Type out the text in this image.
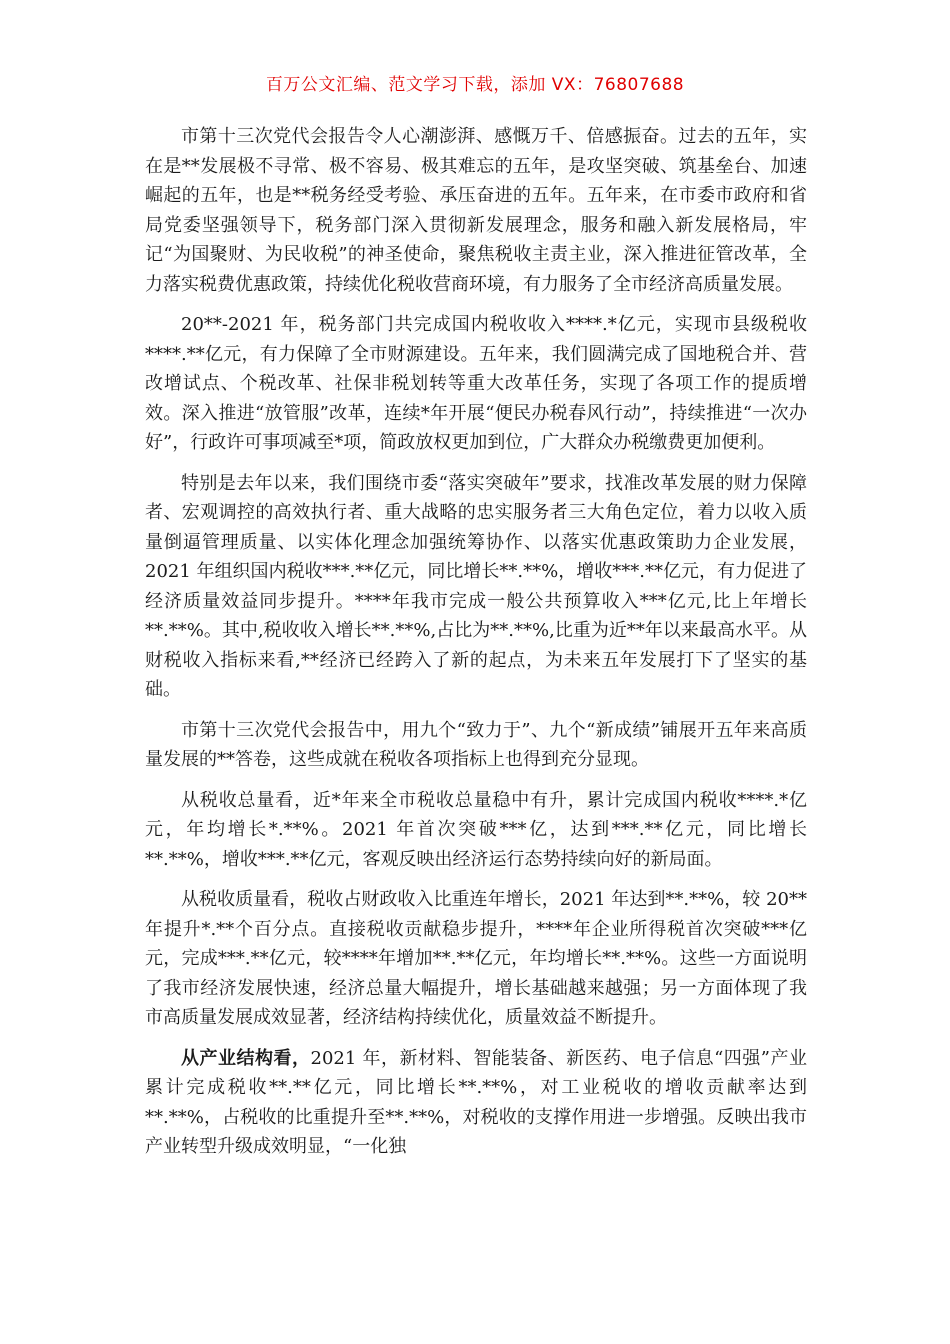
百万公文汇编、范文学习下载，添加 VX：76807688

市第十三次党代会报告令人心潮澎湃、感慨万千、倍感振奋。过去的五年，实在是**发展极不寻常、极不容易、极其难忘的五年，是攻坚突破、筑基垒台、加速崛起的五年，也是**税务经受考验、承压奋进的五年。五年来，在市委市政府和省局党委坚强领导下，税务部门深入贯彻新发展理念，服务和融入新发展格局，牢记“为国聚财、为民收税”的神圣使命，聚焦税收主责主业，深入推进征管改革，全力落实税费优惠政策，持续优化税收营商环境，有力服务了全市经济高质量发展。

20**-2021 年，税务部门共完成国内税收收入****.*亿元，实现市县级税收****.**亿元，有力保障了全市财源建设。五年来，我们圆满完成了国地税合并、营改增试点、个税改革、社保非税划转等重大改革任务，实现了各项工作的提质增效。深入推进“放管服”改革，连续*年开展“便民办税春风行动”，持续推进“一次办好”，行政许可事项减至*项，简政放权更加到位，广大群众办税缴费更加便利。

特别是去年以来，我们围绕市委“落实突破年”要求，找准改革发展的财力保障者、宏观调控的高效执行者、重大战略的忠实服务者三大角色定位，着力以收入质量倒逼管理质量、以实体化理念加强统筹协作、以落实优惠政策助力企业发展，2021 年组织国内税收***.**亿元，同比增长**.**%，增收***.**亿元，有力促进了经济质量效益同步提升。****年我市完成一般公共预算收入***亿元,比上年增长**.**%。其中,税收收入增长**.**%,占比为**.**%,比重为近**年以来最高水平。从财税收入指标来看,**经济已经跨入了新的起点，为未来五年发展打下了坚实的基础。

市第十三次党代会报告中，用九个“致力于”、九个“新成绩”铺展开五年来高质量发展的**答卷，这些成就在税收各项指标上也得到充分显现。

从税收总量看，近*年来全市税收总量稳中有升，累计完成国内税收****.*亿元，年均增长*.**%。2021 年首次突破***亿，达到***.**亿元，同比增长**.**%，增收***.**亿元，客观反映出经济运行态势持续向好的新局面。

从税收质量看，税收占财政收入比重连年增长，2021 年达到**.**%，较 20**年提升*.**个百分点。直接税收贡献稳步提升，****年企业所得税首次突破***亿元，完成***.**亿元，较****年增加**.**亿元，年均增长**.**%。这些一方面说明了我市经济发展快速，经济总量大幅提升，增长基础越来越强；另一方面体现了我市高质量发展成效显著，经济结构持续优化，质量效益不断提升。

从产业结构看，2021 年，新材料、智能装备、新医药、电子信息“四强”产业累计完成税收**.**亿元，同比增长**.**%，对工业税收的增收贡献率达到**.**%，占税收的比重提升至**.**%，对税收的支撑作用进一步增强。反映出我市产业转型升级成效明显，“一化独
